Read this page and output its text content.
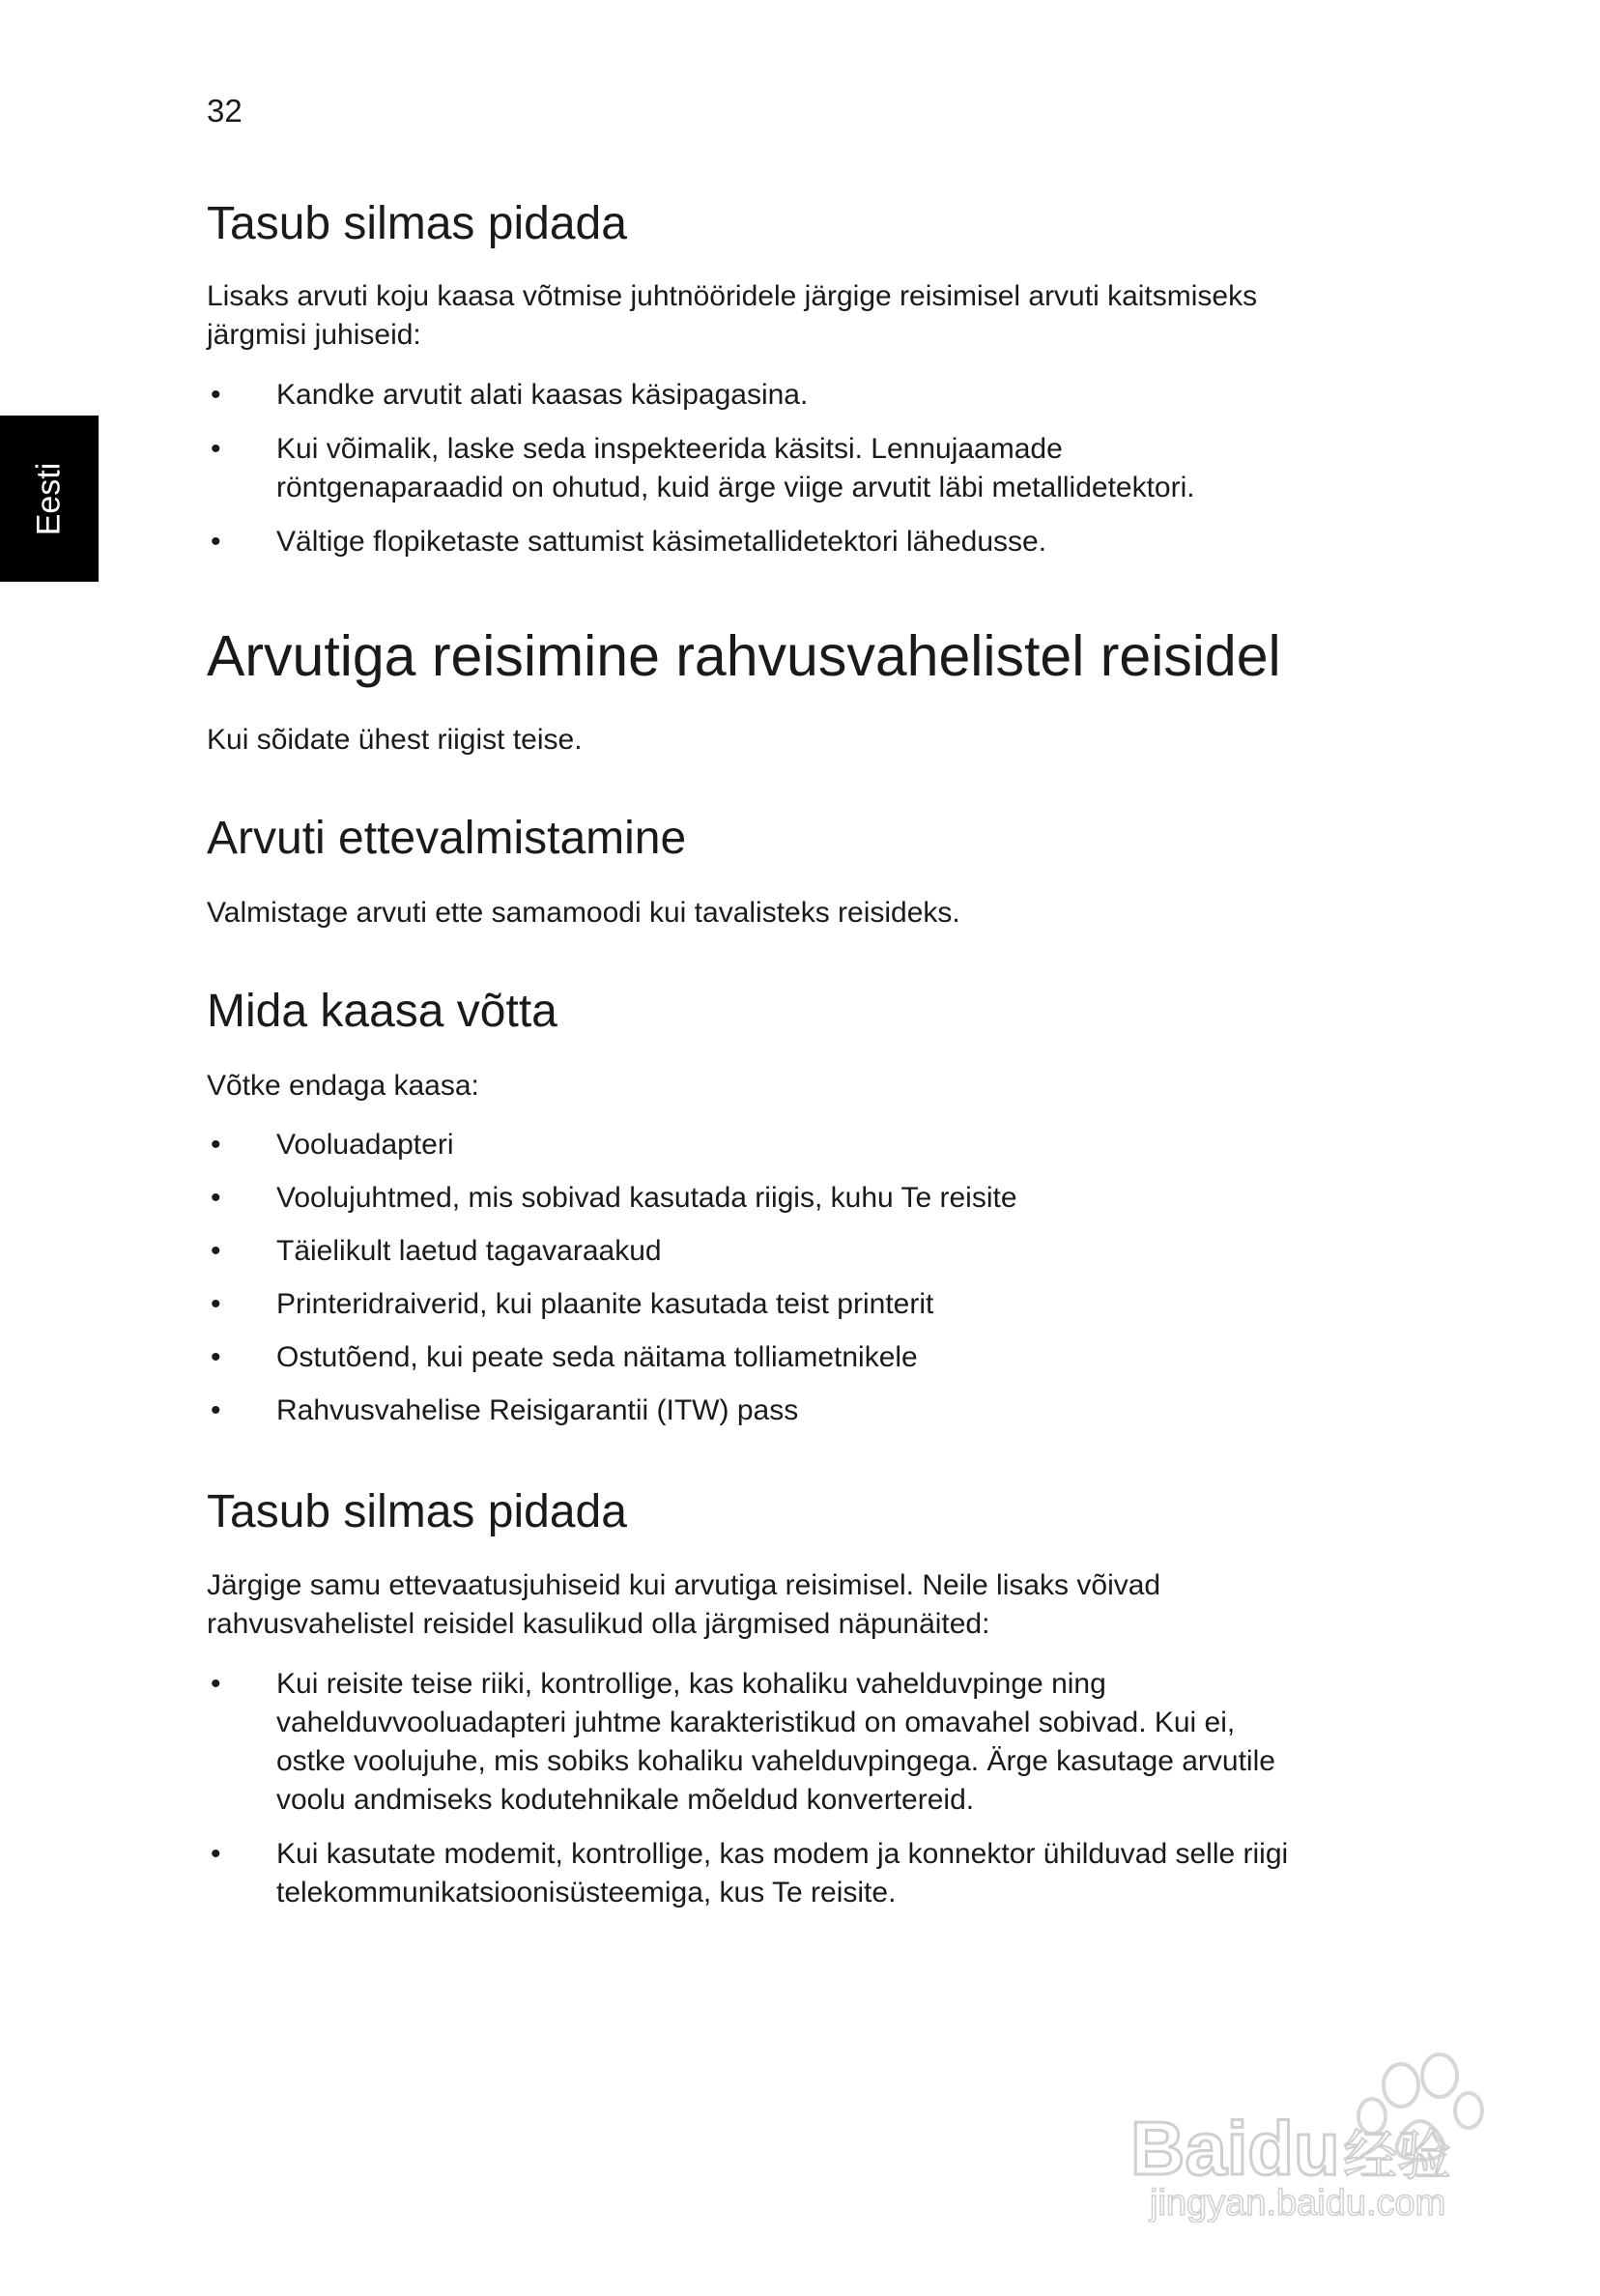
32
Eesti
Tasub silmas pidada

Lisaks arvuti koju kaasa võtmise juhtnööridele järgige reisimisel arvuti kaitsmiseks

järgmisi juhiseid:

• Kandke arvutit alati kaasas käsipagasina.
• Kui võimalik, laske seda inspekteerida käsitsi. Lennujaamade
röntgenaparaadid on ohutud, kuid ärge viige arvutit läbi metallidetektori.
• Vältige flopiketaste sattumist käsimetallidetektori lähedusse.
Arvutiga reisimine rahvusvahelistel reisidel

Kui sõidate ühest riigist teise.

Arvuti ettevalmistamine

Valmistage arvuti ette samamoodi kui tavalisteks reisideks.

Mida kaasa võtta

Võtke endaga kaasa:

• Vooluadapteri
• Voolujuhtmed, mis sobivad kasutada riigis, kuhu Te reisite
• Täielikult laetud tagavaraakud
• Printeridraiverid, kui plaanite kasutada teist printerit
• Ostutõend, kui peate seda näitama tolliametnikele
• Rahvusvahelise Reisigarantii (ITW) pass
Tasub silmas pidada

Järgige samu ettevaatusjuhiseid kui arvutiga reisimisel. Neile lisaks võivad

rahvusvahelistel reisidel kasulikud olla järgmised näpunäited:

• Kui reisite teise riiki, kontrollige, kas kohaliku vahelduvpinge ning
vahelduvvooluadapteri juhtme karakteristikud on omavahel sobivad. Kui ei,
ostke voolujuhe, mis sobiks kohaliku vahelduvpingega. Ärge kasutage arvutile
voolu andmiseks kodutehnikale mõeldud konvertereid.
• Kui kasutate modemit, kontrollige, kas modem ja konnektor ühilduvad selle riigi
telekommunikatsioonisüsteemiga, kus Te reisite.
Baidu 经验
jingyan.baidu.com
